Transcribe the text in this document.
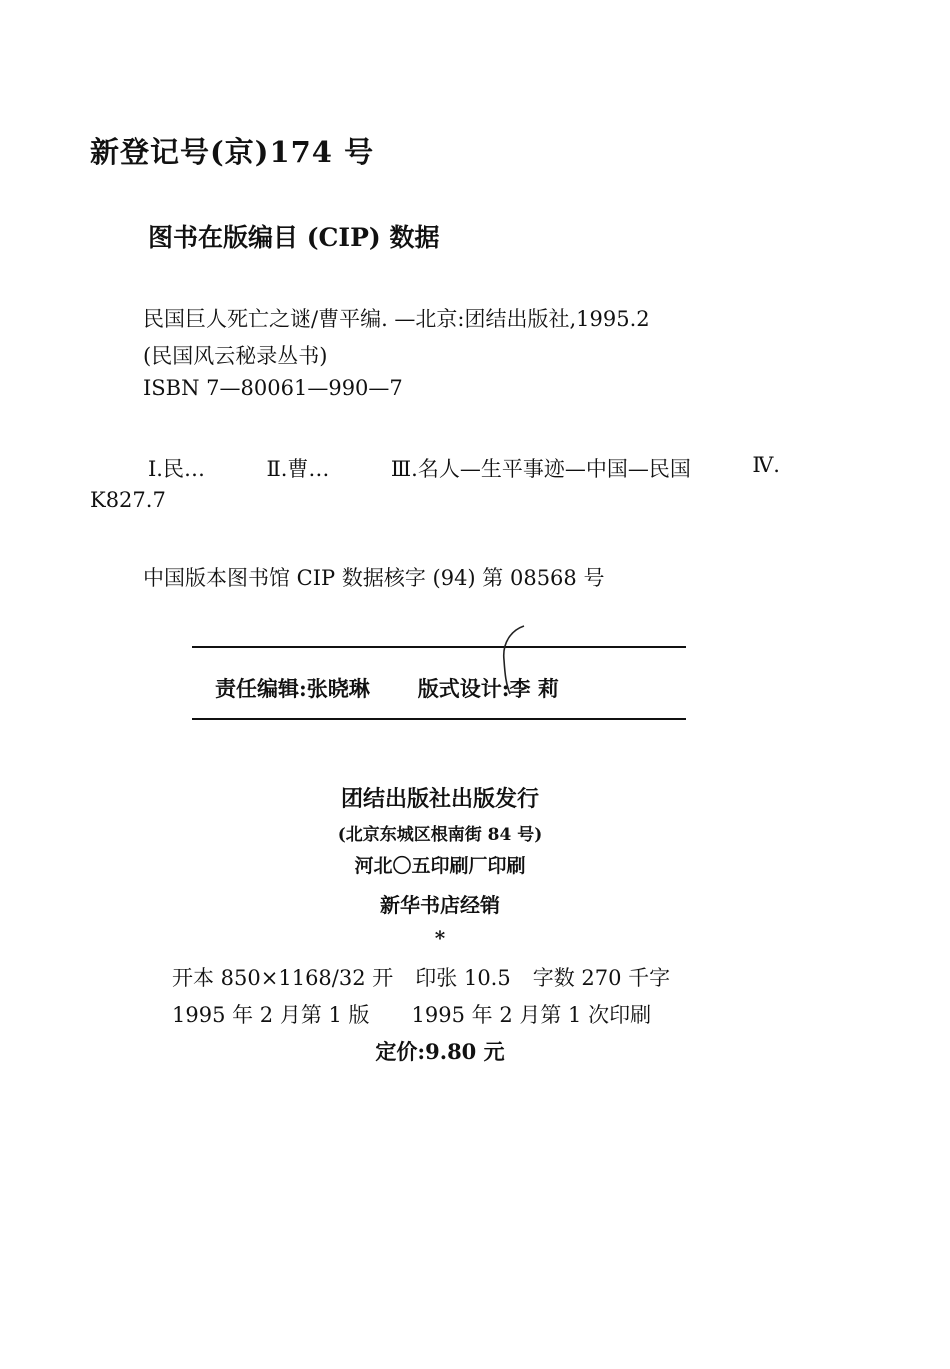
新登记号(京)174 号
图书在版编目 (CIP) 数据
民国巨人死亡之谜/曹平编. —北京:团结出版社,1995.2
(民国风云秘录丛书)
ISBN 7—80061—990—7
Ⅰ.民…	Ⅱ.曹…	Ⅲ.名人—生平事迹—中国—民国	Ⅳ.
K827.7
中国版本图书馆 CIP 数据核字 (94) 第 08568 号
责任编辑:张晓琳 版式设计:李 莉
团结出版社出版发行
(北京东城区根南街 84 号)
河北〇五印刷厂印刷
新华书店经销
*
开本 850×1168/32 开 印张 10.5 字数 270 千字
1995 年 2 月第 1 版 1995 年 2 月第 1 次印刷
定价:9.80 元
